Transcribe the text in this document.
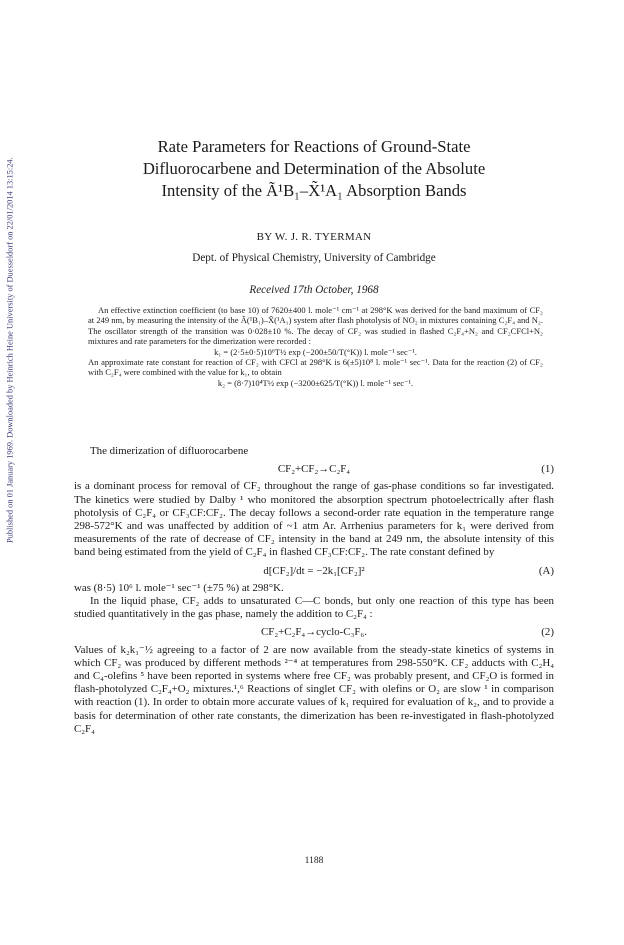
Published on 01 January 1969. Downloaded by Heinrich Heine University of Duesseldorf on 22/01/2014 13:15:24.
Rate Parameters for Reactions of Ground-State
Difluorocarbene and Determination of the Absolute
Intensity of the Ã¹B₁–X̃¹A₁ Absorption Bands
BY W. J. R. TYERMAN
Dept. of Physical Chemistry, University of Cambridge
Received 17th October, 1968

An effective extinction coefficient (to base 10) of 7620±400 l. mole⁻¹ cm⁻¹ at 298°K was derived for the band maximum of CF₂ at 249 nm, by measuring the intensity of the Ã(¹B₁)–X̃(¹A₁) system after flash photolysis of NO₂ in mixtures containing C₂F₄ and N₂. The oscillator strength of the transition was 0·028±10 %. The decay of CF₂ was studied in flashed C₂F₄+N₂ and CF₂CFCl+N₂ mixtures and rate parameters for the dimerization were recorded :

k₁ = (2·5±0·5)10⁶T½ exp (−200±50/T(°K)) l. mole⁻¹ sec⁻¹.

An approximate rate constant for reaction of CF₂ with CFCl at 298°K is 6(±5)10⁸ l. mole⁻¹ sec⁻¹. Data for the reaction (2) of CF₂ with C₂F₄ were combined with the value for k₁, to obtain

k₂ = (8·7)10⁴T½ exp (−3200±625/T(°K)) l. mole⁻¹ sec⁻¹.

The dimerization of difluorocarbene

CF₂+CF₂→C₂F₄	(1)

is a dominant process for removal of CF₂ throughout the range of gas-phase conditions so far investigated. The kinetics were studied by Dalby ¹ who monitored the absorption spectrum photoelectrically after flash photolysis of C₂F₄ or CF₃CF:CF₂. The decay follows a second-order rate equation in the temperature range 298-572°K and was unaffected by addition of ~1 atm Ar. Arrhenius parameters for k₁ were derived from measurements of the rate of decrease of CF₂ intensity in the band at 249 nm, the absolute intensity of this band being estimated from the yield of C₂F₄ in flashed CF₃CF:CF₂. The rate constant defined by

d[CF₂]/dt = −2k₁[CF₂]²	(A)

was (8·5) 10⁶ l. mole⁻¹ sec⁻¹ (±75 %) at 298°K.

In the liquid phase, CF₂ adds to unsaturated C—C bonds, but only one reaction of this type has been studied quantitatively in the gas phase, namely the addition to C₂F₄ :

CF₂+C₂F₄→cyclo-C₃F₆.	(2)

Values of k₂k₁⁻½ agreeing to a factor of 2 are now available from the steady-state kinetics of systems in which CF₂ was produced by different methods ²⁻⁴ at temperatures from 298-550°K. CF₂ adducts with C₂H₄ and C₄-olefins ⁵ have been reported in systems where free CF₂ was probably present, and CF₂O is formed in flash-photolyzed C₂F₄+O₂ mixtures.¹,⁶ Reactions of singlet CF₂ with olefins or O₂ are slow ¹ in comparison with reaction (1). In order to obtain more accurate values of k₁ required for evaluation of k₂, and to provide a basis for determination of other rate constants, the dimerization has been re-investigated in flash-photolyzed C₂F₄

1188
